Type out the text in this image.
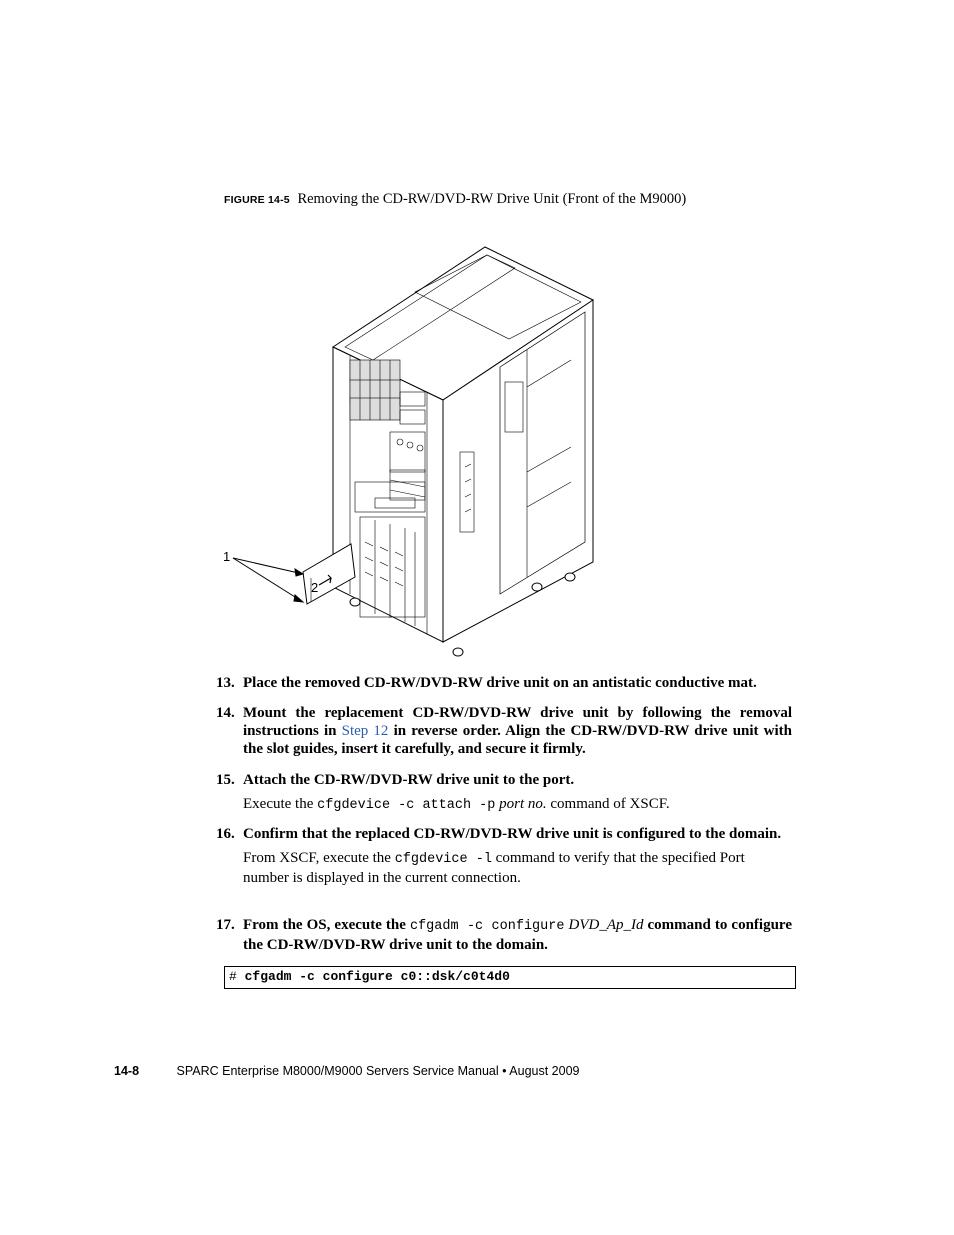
FIGURE 14-5 Removing the CD-RW/DVD-RW Drive Unit (Front of the M9000)
1
2
13. Place the removed CD-RW/DVD-RW drive unit on an antistatic conductive mat.
14. Mount the replacement CD-RW/DVD-RW drive unit by following the removal instructions in Step 12 in reverse order. Align the CD-RW/DVD-RW drive unit with the slot guides, insert it carefully, and secure it firmly.
15. Attach the CD-RW/DVD-RW drive unit to the port.
Execute the cfgdevice -c attach -p port no. command of XSCF.
16. Confirm that the replaced CD-RW/DVD-RW drive unit is configured to the domain.
From XSCF, execute the cfgdevice -l command to verify that the specified Port number is displayed in the current connection.
17. From the OS, execute the cfgadm -c configure DVD_Ap_Id command to configure the CD-RW/DVD-RW drive unit to the domain.
# cfgadm -c configure c0::dsk/c0t4d0
14-8	SPARC Enterprise M8000/M9000 Servers Service Manual • August 2009
